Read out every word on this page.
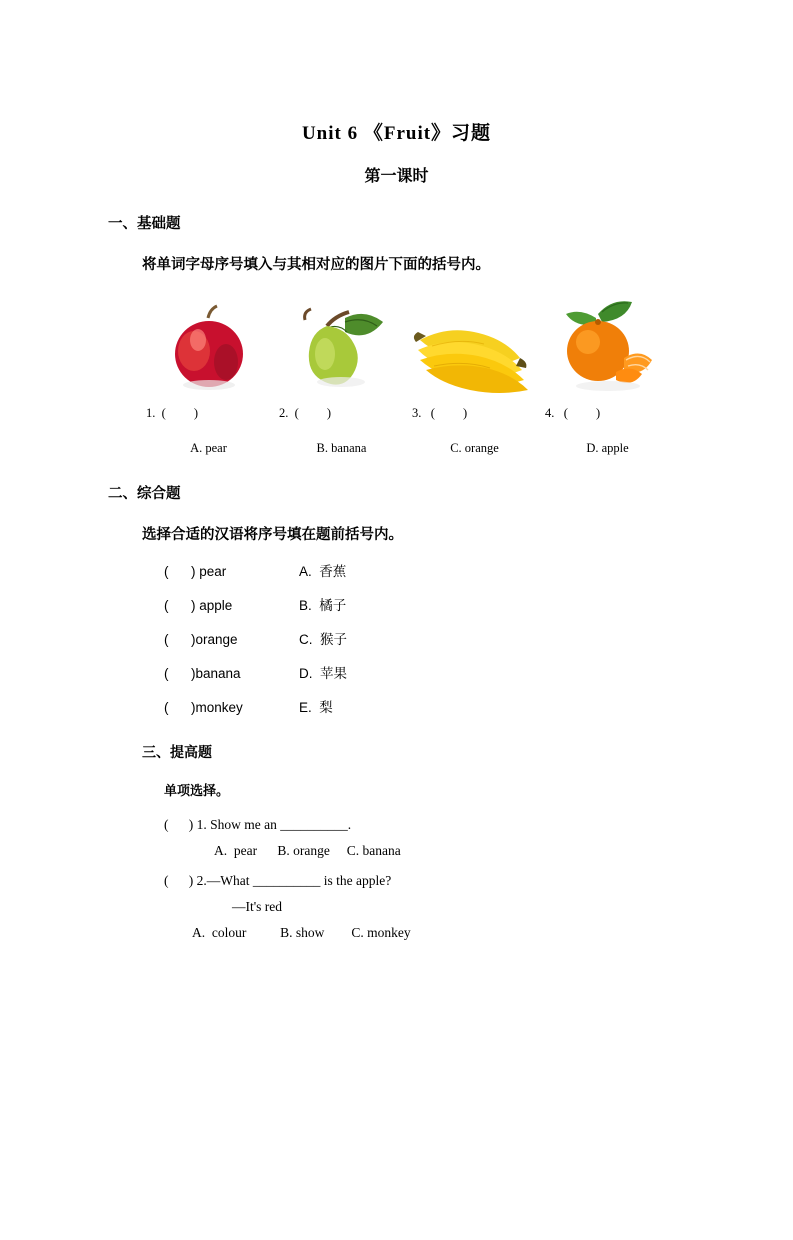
Unit 6 《Fruit》习题
第一课时
一、基础题
将单词字母序号填入与其相对应的图片下面的括号内。
1.  (         )	2.  (         )	3.   (         )	4.   (         )
A. pear	B. banana	C. orange	D. apple
二、综合题
选择合适的汉语将序号填在题前括号内。
(      ) pear	A.  香蕉
(      ) apple	B.  橘子
(      )orange	C.  猴子
(      )banana	D.  苹果
(      )monkey	E.  梨
三、提高题
单项选择。
(      ) 1. Show me an __________.
A.  pear      B. orange     C. banana
(      ) 2.—What __________ is the apple?
—It's red
A.  colour          B. show        C. monkey
